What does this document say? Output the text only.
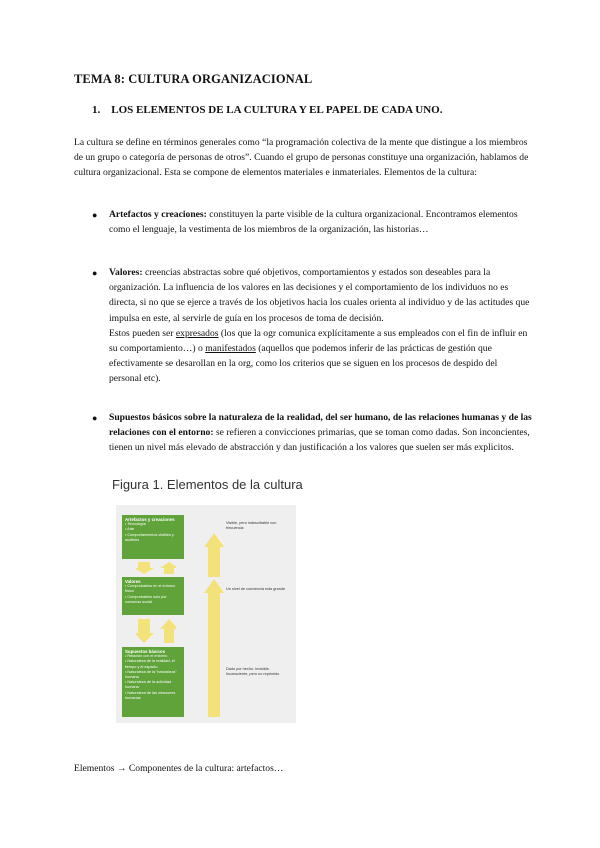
TEMA 8: CULTURA ORGANIZACIONAL
1. LOS ELEMENTOS DE LA CULTURA Y EL PAPEL DE CADA UNO.
La cultura se define en términos generales como “la programación colectiva de la mente que distingue a los miembros de un grupo o categoría de personas de otros”. Cuando el grupo de personas constituye una organización, hablamos de cultura organizacional. Esta se compone de elementos materiales e inmateriales. Elementos de la cultura:
● Artefactos y creaciones: constituyen la parte visible de la cultura organizacional. Encontramos elementos como el lenguaje, la vestimenta de los miembros de la organización, las historias…
● Valores: creencias abstractas sobre qué objetivos, comportamientos y estados son deseables para la organización. La influencia de los valores en las decisiones y el comportamiento de los individuos no es directa, si no que se ejerce a través de los objetivos hacia los cuales orienta al individuo y de las actitudes que impulsa en este, al servirle de guía en los procesos de toma de decisión.
Estos pueden ser expresados (los que la ogr comunica explícitamente a sus empleados con el fin de influir en su comportamiento…) o manifestados (aquellos que podemos inferir de las prácticas de gestión que efectivamente se desarollan en la org, como los criterios que se siguen en los procesos de despido del personal etc).
● Supuestos básicos sobre la naturaleza de la realidad, del ser humano, de las relaciones humanas y de las relaciones con el entorno: se refieren a convicciones primarias, que se toman como dadas. Son inconcientes, tienen un nivel más elevado de abstracción y dan justificación a los valores que suelen ser más explicitos.
Figura 1. Elementos de la cultura
Artefactos y creaciones
• Tecnología
• Arte
• Comportamientos visibles y audibles
Valores
• Comprobables en el entorno físico
• Comprobables solo por consenso social
Supuestos básicos
• Relación con el entorno
• Naturaleza de la realidad, el tiempo y el espacio
• Naturaleza de la "naturaleza" humana
• Naturaleza de la actividad humana
• Naturaleza de las relaciones humanas
Visible, pero indescifrable con frecuencia
Un nivel de conciencia más grande
Dado por hecho. Invisible. Inconsciente, pero no reprimido
Elementos → Componentes de la cultura: artefactos…
